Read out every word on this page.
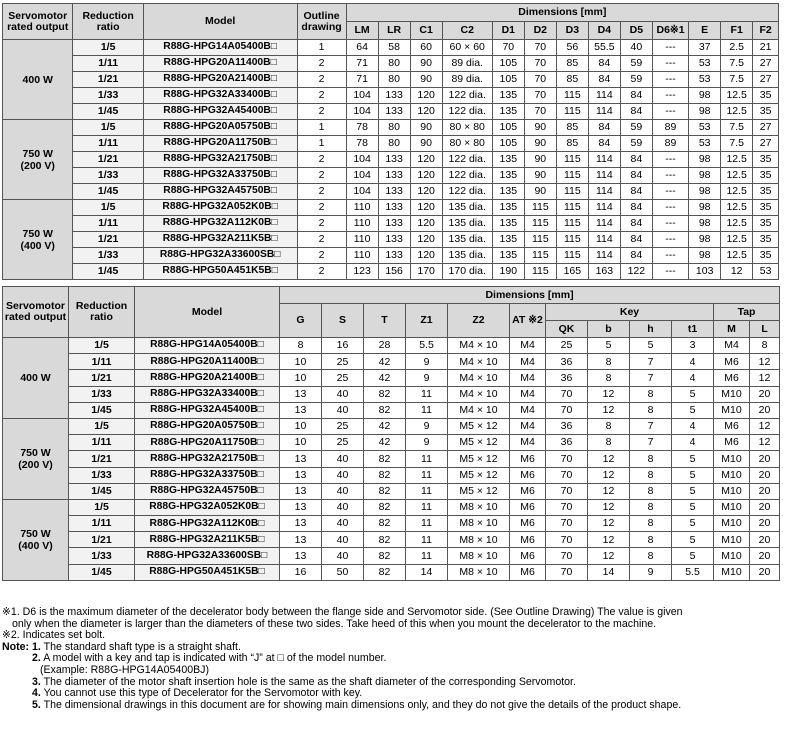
Servomotor rated output	Reduction ratio	Model	Outline drawing	Dimensions [mm]												
				LM	LR	C1	C2	D1	D2	D3	D4	D5	D6※1	E	F1	F2
400 W	1/5	R88G-HPG14A05400B□	1	64	58	60	60 × 60	70	70	56	55.5	40	---	37	2.5	21
	1/11	R88G-HPG20A11400B□	2	71	80	90	89 dia.	105	70	85	84	59	---	53	7.5	27
	1/21	R88G-HPG20A21400B□	2	71	80	90	89 dia.	105	70	85	84	59	---	53	7.5	27
	1/33	R88G-HPG32A33400B□	2	104	133	120	122 dia.	135	70	115	114	84	---	98	12.5	35
	1/45	R88G-HPG32A45400B□	2	104	133	120	122 dia.	135	70	115	114	84	---	98	12.5	35
750 W (200 V)	1/5	R88G-HPG20A05750B□	1	78	80	90	80 × 80	105	90	85	84	59	89	53	7.5	27
	1/11	R88G-HPG20A11750B□	1	78	80	90	80 × 80	105	90	85	84	59	89	53	7.5	27
	1/21	R88G-HPG32A21750B□	2	104	133	120	122 dia.	135	90	115	114	84	---	98	12.5	35
	1/33	R88G-HPG32A33750B□	2	104	133	120	122 dia.	135	90	115	114	84	---	98	12.5	35
	1/45	R88G-HPG32A45750B□	2	104	133	120	122 dia.	135	90	115	114	84	---	98	12.5	35
750 W (400 V)	1/5	R88G-HPG32A052K0B□	2	110	133	120	135 dia.	135	115	115	114	84	---	98	12.5	35
	1/11	R88G-HPG32A112K0B□	2	110	133	120	135 dia.	135	115	115	114	84	---	98	12.5	35
	1/21	R88G-HPG32A211K5B□	2	110	133	120	135 dia.	135	115	115	114	84	---	98	12.5	35
	1/33	R88G-HPG32A33600SB□	2	110	133	120	135 dia.	135	115	115	114	84	---	98	12.5	35
	1/45	R88G-HPG50A451K5B□	2	123	156	170	170 dia.	190	115	165	163	122	---	103	12	53
Servomotor rated output	Reduction ratio	Model	Dimensions [mm]											
			G	S	T	Z1	Z2	AT ※2	Key				Tap	
									QK	b	h	t1	M	L
400 W	1/5	R88G-HPG14A05400B□	8	16	28	5.5	M4 × 10	M4	25	5	5	3	M4	8
	1/11	R88G-HPG20A11400B□	10	25	42	9	M4 × 10	M4	36	8	7	4	M6	12
	1/21	R88G-HPG20A21400B□	10	25	42	9	M4 × 10	M4	36	8	7	4	M6	12
	1/33	R88G-HPG32A33400B□	13	40	82	11	M4 × 10	M4	70	12	8	5	M10	20
	1/45	R88G-HPG32A45400B□	13	40	82	11	M4 × 10	M4	70	12	8	5	M10	20
750 W (200 V)	1/5	R88G-HPG20A05750B□	10	25	42	9	M5 × 12	M4	36	8	7	4	M6	12
	1/11	R88G-HPG20A11750B□	10	25	42	9	M5 × 12	M4	36	8	7	4	M6	12
	1/21	R88G-HPG32A21750B□	13	40	82	11	M5 × 12	M6	70	12	8	5	M10	20
	1/33	R88G-HPG32A33750B□	13	40	82	11	M5 × 12	M6	70	12	8	5	M10	20
	1/45	R88G-HPG32A45750B□	13	40	82	11	M5 × 12	M6	70	12	8	5	M10	20
750 W (400 V)	1/5	R88G-HPG32A052K0B□	13	40	82	11	M8 × 10	M6	70	12	8	5	M10	20
	1/11	R88G-HPG32A112K0B□	13	40	82	11	M8 × 10	M6	70	12	8	5	M10	20
	1/21	R88G-HPG32A211K5B□	13	40	82	11	M8 × 10	M6	70	12	8	5	M10	20
	1/33	R88G-HPG32A33600SB□	13	40	82	11	M8 × 10	M6	70	12	8	5	M10	20
	1/45	R88G-HPG50A451K5B□	16	50	82	14	M8 × 10	M6	70	14	9	5.5	M10	20
※1. D6 is the maximum diameter of the decelerator body between the flange side and Servomotor side. (See Outline Drawing) The value is given
only when the diameter is larger than the diameters of these two sides. Take heed of this when you mount the decelerator to the machine.
※2. Indicates set bolt.
Note: 1. The standard shaft type is a straight shaft.
2. A model with a key and tap is indicated with “J” at □ of the model number.
(Example: R88G-HPG14A05400BJ)
3. The diameter of the motor shaft insertion hole is the same as the shaft diameter of the corresponding Servomotor.
4. You cannot use this type of Decelerator for the Servomotor with key.
5. The dimensional drawings in this document are for showing main dimensions only, and they do not give the details of the product shape.
